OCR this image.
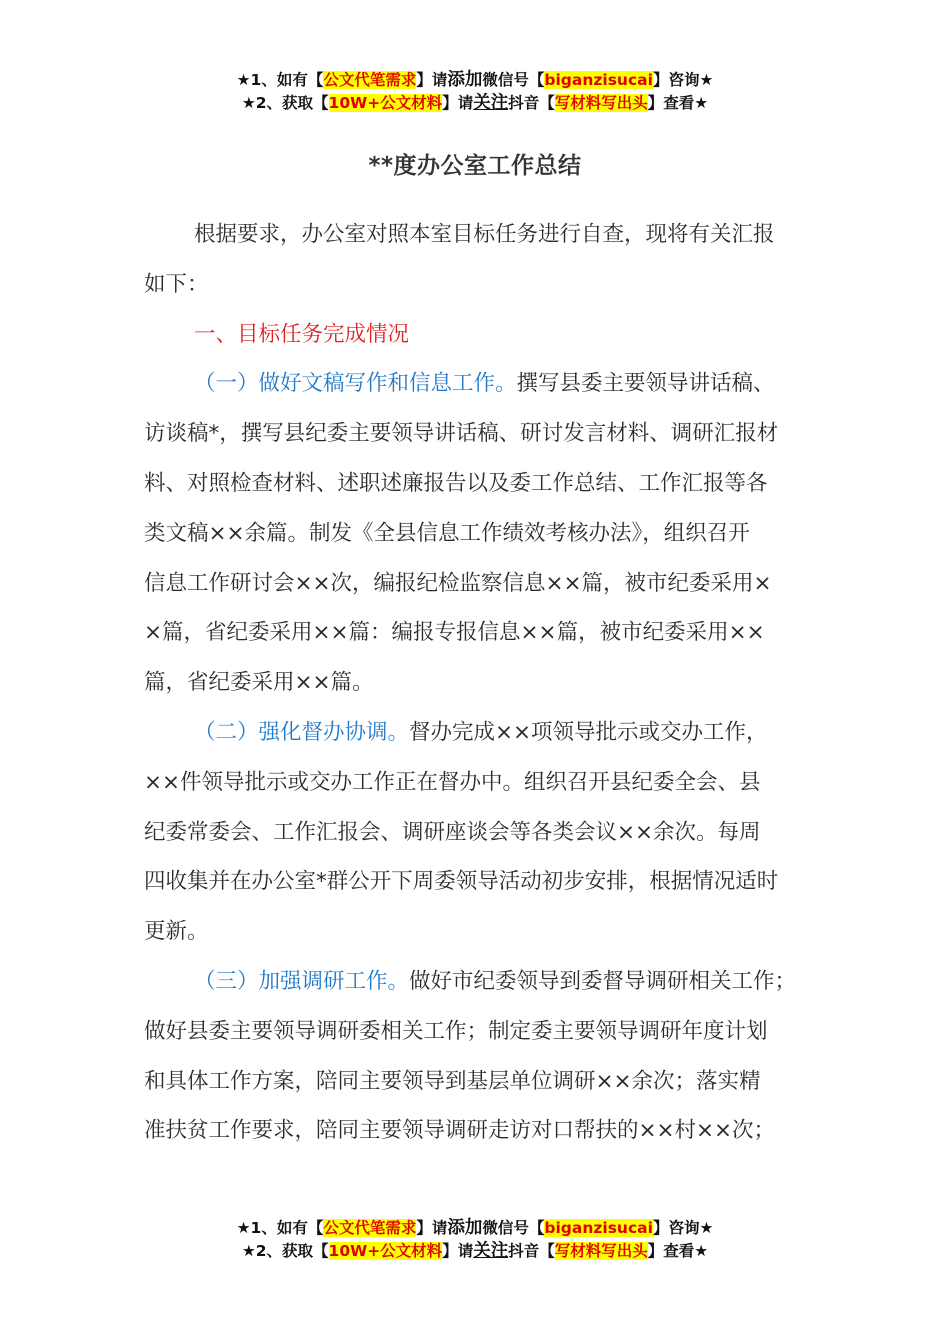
★1、如有【公文代笔需求】请添加微信号【biganzisucai】咨询★
★2、获取【10W+公文材料】请关注抖音【写材料写出头】查看★
**度办公室工作总结
根据要求，办公室对照本室目标任务进行自查，现将有关汇报
如下：
一、目标任务完成情况
（一）做好文稿写作和信息工作。撰写县委主要领导讲话稿、
访谈稿*，撰写县纪委主要领导讲话稿、研讨发言材料、调研汇报材
料、对照检查材料、述职述廉报告以及委工作总结、工作汇报等各
类文稿××余篇。制发《全县信息工作绩效考核办法》，组织召开
信息工作研讨会××次，编报纪检监察信息××篇，被市纪委采用×
×篇，省纪委采用××篇：编报专报信息××篇，被市纪委采用××
篇，省纪委采用××篇。
（二）强化督办协调。督办完成××项领导批示或交办工作，
××件领导批示或交办工作正在督办中。组织召开县纪委全会、县
纪委常委会、工作汇报会、调研座谈会等各类会议××余次。每周
四收集并在办公室*群公开下周委领导活动初步安排，根据情况适时
更新。
（三）加强调研工作。做好市纪委领导到委督导调研相关工作；
做好县委主要领导调研委相关工作；制定委主要领导调研年度计划
和具体工作方案，陪同主要领导到基层单位调研××余次；落实精
准扶贫工作要求，陪同主要领导调研走访对口帮扶的××村××次；
★1、如有【公文代笔需求】请添加微信号【biganzisucai】咨询★
★2、获取【10W+公文材料】请关注抖音【写材料写出头】查看★
